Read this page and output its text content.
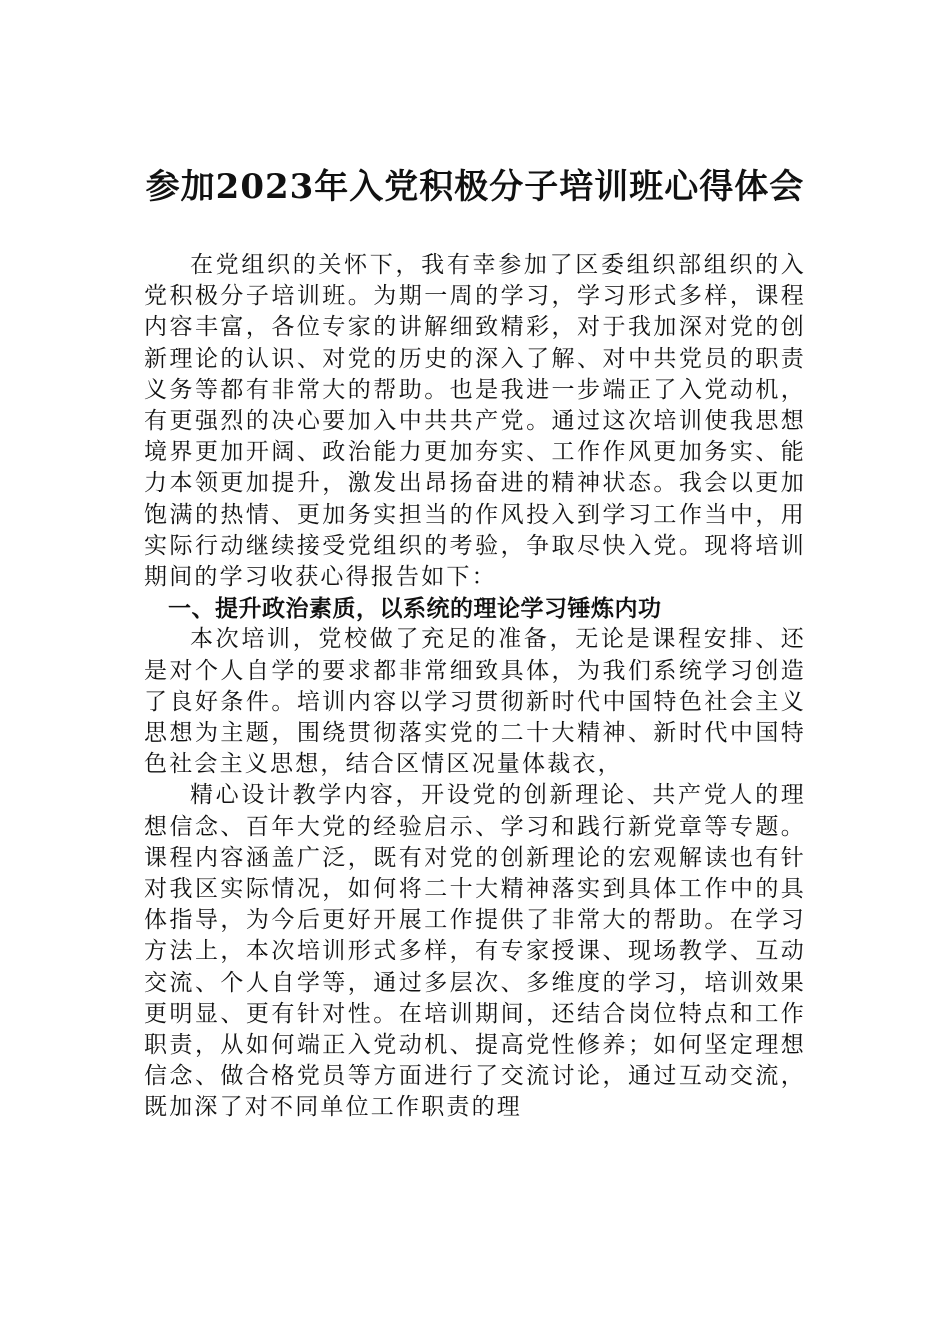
参加2023年入党积极分子培训班心得体会

在党组织的关怀下，我有幸参加了区委组织部组织的入党积极分子培训班。为期一周的学习，学习形式多样，课程内容丰富，各位专家的讲解细致精彩，对于我加深对党的创新理论的认识、对党的历史的深入了解、对中共党员的职责义务等都有非常大的帮助。也是我进一步端正了入党动机，有更强烈的决心要加入中共共产党。通过这次培训使我思想境界更加开阔、政治能力更加夯实、工作作风更加务实、能力本领更加提升，激发出昂扬奋进的精神状态。我会以更加饱满的热情、更加务实担当的作风投入到学习工作当中，用实际行动继续接受党组织的考验，争取尽快入党。现将培训期间的学习收获心得报告如下：

一、提升政治素质，以系统的理论学习锤炼内功

本次培训，党校做了充足的准备，无论是课程安排、还是对个人自学的要求都非常细致具体，为我们系统学习创造了良好条件。培训内容以学习贯彻新时代中国特色社会主义思想为主题，围绕贯彻落实党的二十大精神、新时代中国特色社会主义思想，结合区情区况量体裁衣，

精心设计教学内容，开设党的创新理论、共产党人的理想信念、百年大党的经验启示、学习和践行新党章等专题。课程内容涵盖广泛，既有对党的创新理论的宏观解读也有针对我区实际情况，如何将二十大精神落实到具体工作中的具体指导，为今后更好开展工作提供了非常大的帮助。在学习方法上，本次培训形式多样，有专家授课、现场教学、互动交流、个人自学等，通过多层次、多维度的学习，培训效果更明显、更有针对性。在培训期间，还结合岗位特点和工作职责，从如何端正入党动机、提高党性修养；如何坚定理想信念、做合格党员等方面进行了交流讨论，通过互动交流，既加深了对不同单位工作职责的理
